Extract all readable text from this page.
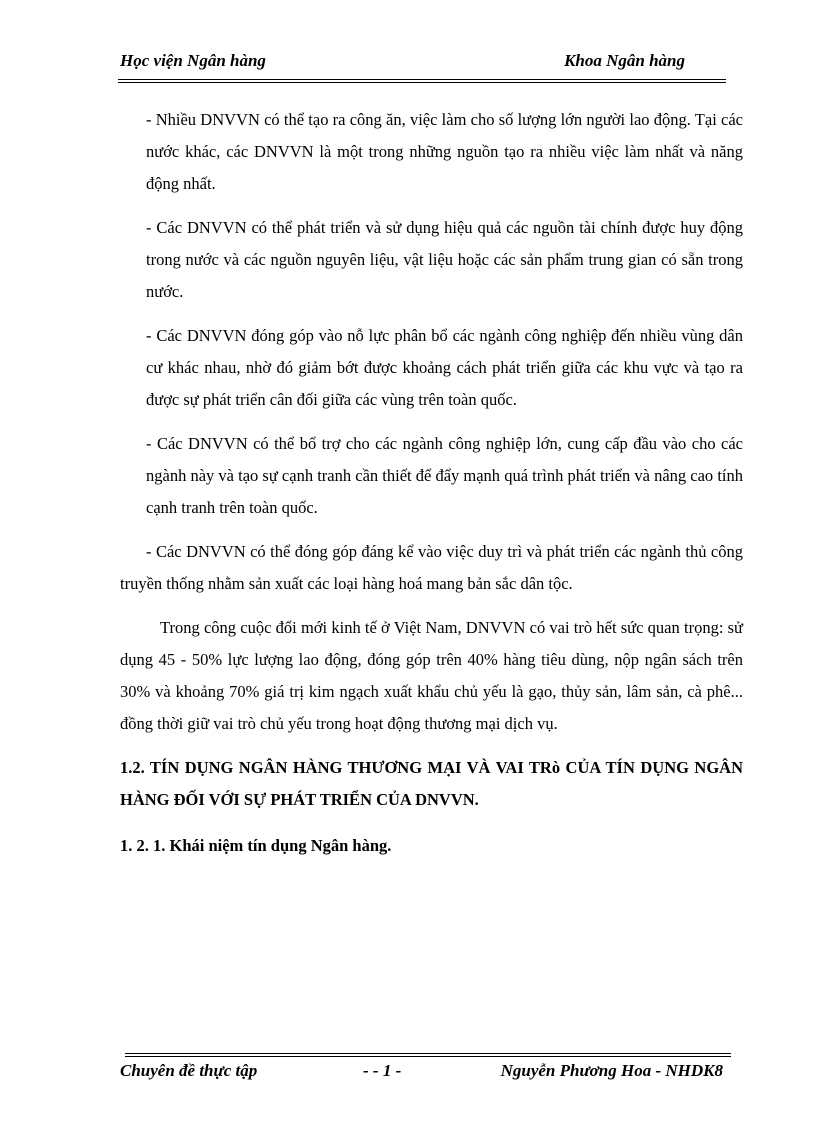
Học viện Ngân hàng	Khoa Ngân hàng

- Nhiều DNVVN có thể tạo ra công ăn, việc làm cho số lượng lớn người lao động. Tại các nước khác, các DNVVN là một trong những nguồn tạo ra nhiều việc làm nhất và năng động nhất.

- Các DNVVN có thể phát triển và sử dụng hiệu quả các nguồn tài chính được huy động trong nước và các nguồn nguyên liệu, vật liệu hoặc các sản phẩm trung gian có sẵn trong nước.

- Các DNVVN đóng góp vào nỗ lực phân bổ các ngành công nghiệp đến nhiều vùng dân cư khác nhau, nhờ đó giảm bớt được khoảng cách phát triển giữa các khu vực và tạo ra được sự phát triển cân đối giữa các vùng trên toàn quốc.

- Các DNVVN có thể bổ trợ cho các ngành công nghiệp lớn, cung cấp đầu vào cho các ngành này và tạo sự cạnh tranh cần thiết để đẩy mạnh quá trình phát triển và nâng cao tính cạnh tranh trên toàn quốc.

- Các DNVVN có thể đóng góp đáng kể vào việc duy trì và phát triển các ngành thủ công truyền thống nhằm sản xuất các loại hàng hoá mang bản sắc dân tộc.

Trong công cuộc đổi mới kinh tế ở Việt Nam, DNVVN có vai trò hết sức quan trọng: sử dụng 45 - 50% lực lượng lao động, đóng góp trên 40% hàng tiêu dùng, nộp ngân sách trên 30% và khoảng 70% giá trị kim ngạch xuất khẩu chủ yếu là gạo, thủy sản, lâm sản, cà phê... đồng thời giữ vai trò chủ yếu trong hoạt động thương mại dịch vụ.

1.2. TÍN DỤNG NGÂN HÀNG THƯƠNG MẠI VÀ VAI TRò CỦA TÍN DỤNG NGÂN HÀNG ĐỐI VỚI SỰ PHÁT TRIỂN CỦA DNVVN.

1. 2. 1. Khái niệm tín dụng Ngân hàng.

Chuyên đề thực tập	- - 1 -	Nguyễn Phương Hoa - NHDK8
